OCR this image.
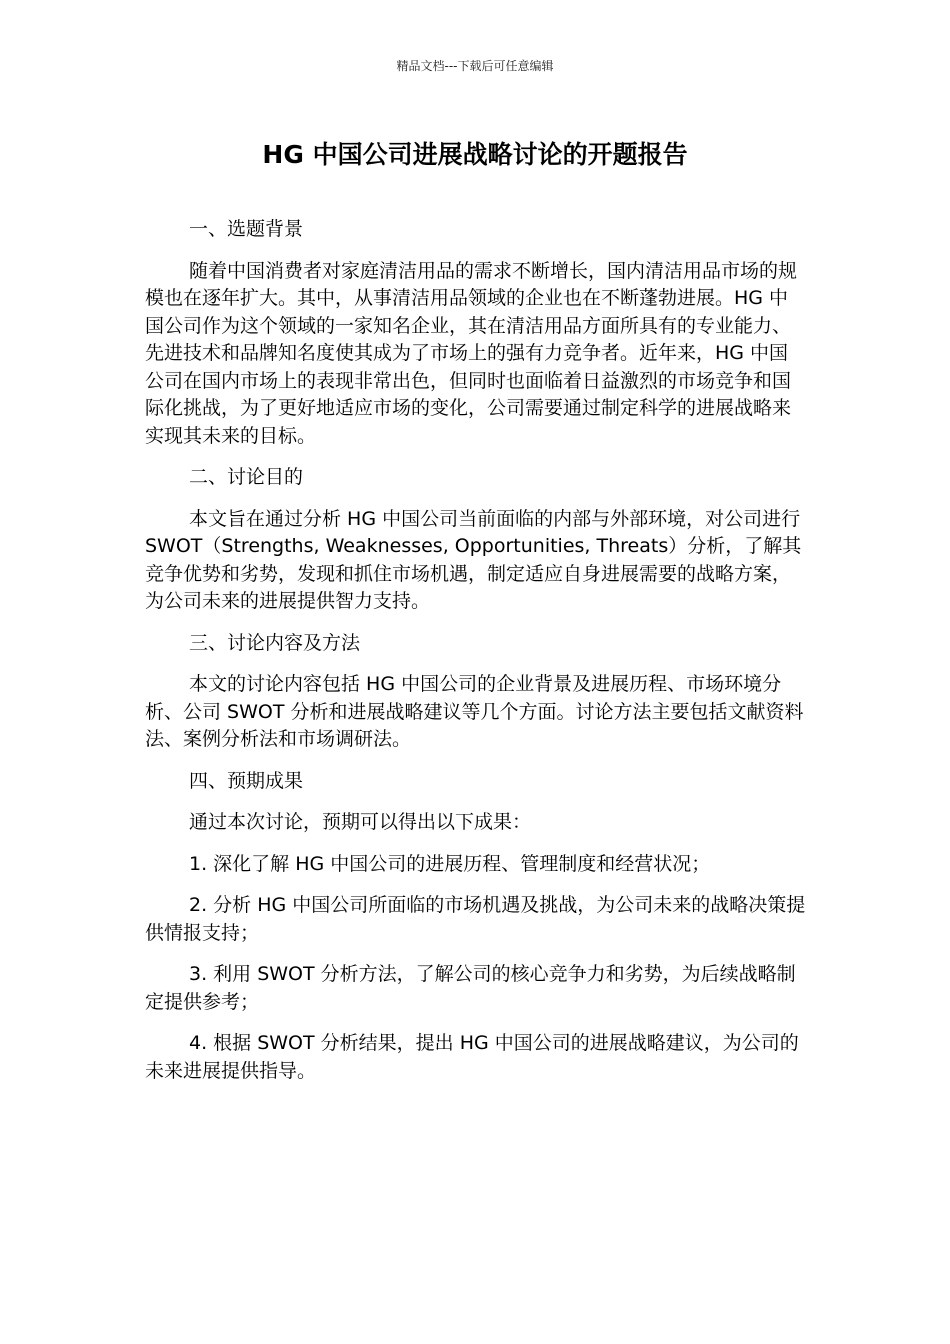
精品文档---下载后可任意编辑
HG 中国公司进展战略讨论的开题报告
一、选题背景
随着中国消费者对家庭清洁用品的需求不断增长，国内清洁用品市场的规模也在逐年扩大。其中，从事清洁用品领域的企业也在不断蓬勃进展。HG 中国公司作为这个领域的一家知名企业，其在清洁用品方面所具有的专业能力、先进技术和品牌知名度使其成为了市场上的强有力竞争者。近年来，HG 中国公司在国内市场上的表现非常出色，但同时也面临着日益激烈的市场竞争和国际化挑战，为了更好地适应市场的变化，公司需要通过制定科学的进展战略来实现其未来的目标。
二、讨论目的
本文旨在通过分析 HG 中国公司当前面临的内部与外部环境，对公司进行 SWOT（Strengths, Weaknesses, Opportunities, Threats）分析，了解其竞争优势和劣势，发现和抓住市场机遇，制定适应自身进展需要的战略方案，为公司未来的进展提供智力支持。
三、讨论内容及方法
本文的讨论内容包括 HG 中国公司的企业背景及进展历程、市场环境分析、公司 SWOT 分析和进展战略建议等几个方面。讨论方法主要包括文献资料法、案例分析法和市场调研法。
四、预期成果
通过本次讨论，预期可以得出以下成果：
1. 深化了解 HG 中国公司的进展历程、管理制度和经营状况；
2. 分析 HG 中国公司所面临的市场机遇及挑战，为公司未来的战略决策提供情报支持；
3. 利用 SWOT 分析方法，了解公司的核心竞争力和劣势，为后续战略制定提供参考；
4. 根据 SWOT 分析结果，提出 HG 中国公司的进展战略建议，为公司的未来进展提供指导。
